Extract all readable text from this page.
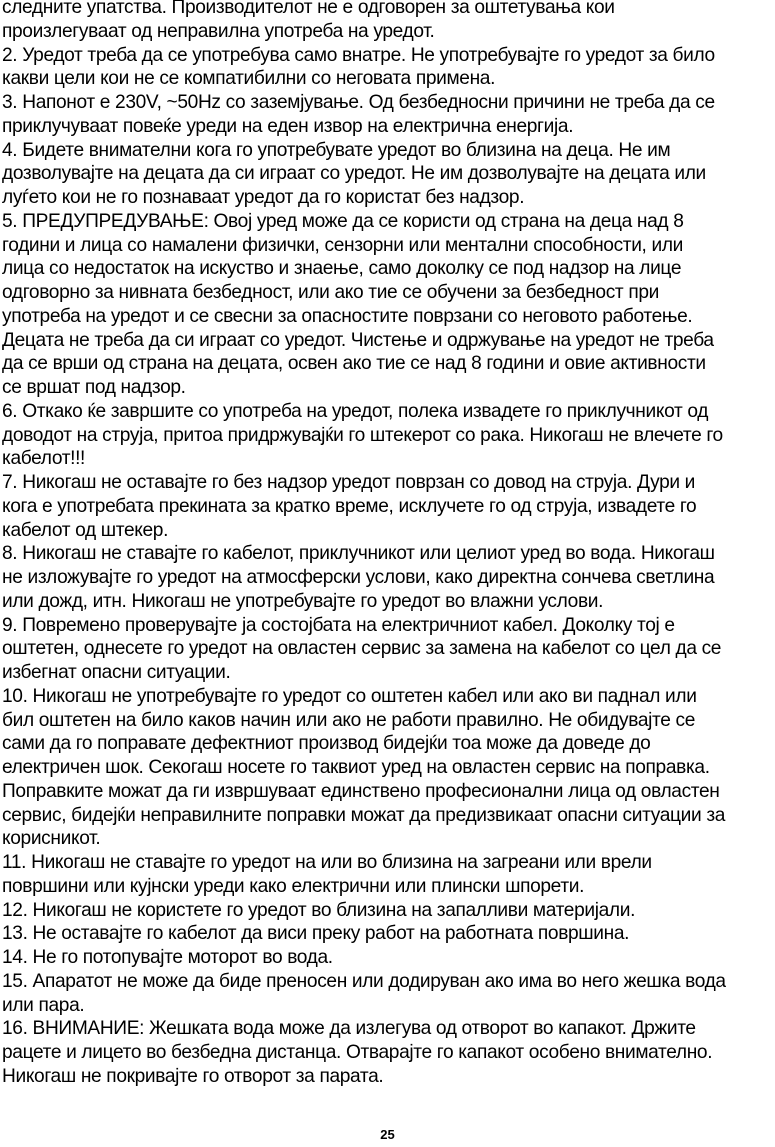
следните упатства. Производителот не е одговорен за оштетувања кои
произлегуваат од неправилна употреба на уредот.
2. Уредот треба да се употребува само внатре. Не употребувајте го уредот за било
какви цели кои не се компатибилни со неговата примена.
3. Напонот е 230V, ~50Hz со заземјување. Од безбедносни причини не треба да се
приклучуваат повеќе уреди на еден извор на електрична енергија.
4. Бидете внимателни кога го употребувате уредот во близина на деца. Не им
дозволувајте на децата да си играат со уредот. Не им дозволувајте на децата или
луѓето кои не го познаваат уредот да го користат без надзор.
5. ПРЕДУПРЕДУВАЊЕ: Овој уред може да се користи од страна на деца над 8
години и лица со намалени физички, сензорни или ментални способности, или
лица со недостаток на искуство и знаење, само доколку се под надзор на лице
одговорно за нивната безбедност, или ако тие се обучени за безбедност при
употреба на уредот и се свесни за опасностите поврзани со неговото работење.
Децата не треба да си играат со уредот. Чистење и одржување на уредот не треба
да се врши од страна на децата, освен ако тие се над 8 години и овие активности
се вршат под надзор.
6. Откако ќе завршите со употреба на уредот, полека извадете го приклучникот од
доводот на струја, притоа придржувајќи го штекерот со рака. Никогаш не влечете го
кабелот!!!
7. Никогаш не оставајте го без надзор уредот поврзан со довод на струја. Дури и
кога е употребата прекината за кратко време, исклучете го од струја, извадете го
кабелот од штекер.
8. Никогаш не ставајте го кабелот, приклучникот или целиот уред во вода. Никогаш
не изложувајте го уредот на атмосферски услови, како директна сончева светлина
или дожд, итн. Никогаш не употребувајте го уредот во влажни услови.
9. Повремено проверувајте ја состојбата на електричниот кабел. Доколку тој е
оштетен, однесете го уредот на овластен сервис за замена на кабелот со цел да се
избегнат опасни ситуации.
10. Никогаш не употребувајте го уредот со оштетен кабел или ако ви паднал или
бил оштетен на било каков начин или ако не работи правилно. Не обидувајте се
сами да го поправате дефектниот производ бидејќи тоа може да доведе до
електричен шок. Секогаш носете го таквиот уред на овластен сервис на поправка.
Поправките можат да ги извршуваат единствено професионални лица од овластен
сервис, бидејќи неправилните поправки можат да предизвикаат опасни ситуации за
корисникот.
11. Никогаш не ставајте го уредот на или во близина на загреани или врели
површини или кујнски уреди како електрични или плински шпорети.
12. Никогаш не користете го уредот во близина на запалливи материјали.
13. Не оставајте го кабелот да виси преку работ на работната површина.
14. Не го потопувајте моторот во вода.
15. Апаратот не може да биде преносен или додируван ако има во него жешка вода
или пара.
16. ВНИМАНИЕ: Жешката вода може да излегува од отворот во капакот. Држите
рацете и лицето во безбедна дистанца. Отварајте го капакот особено внимателно.
Никогаш не покривајте го отворот за парата.
25
